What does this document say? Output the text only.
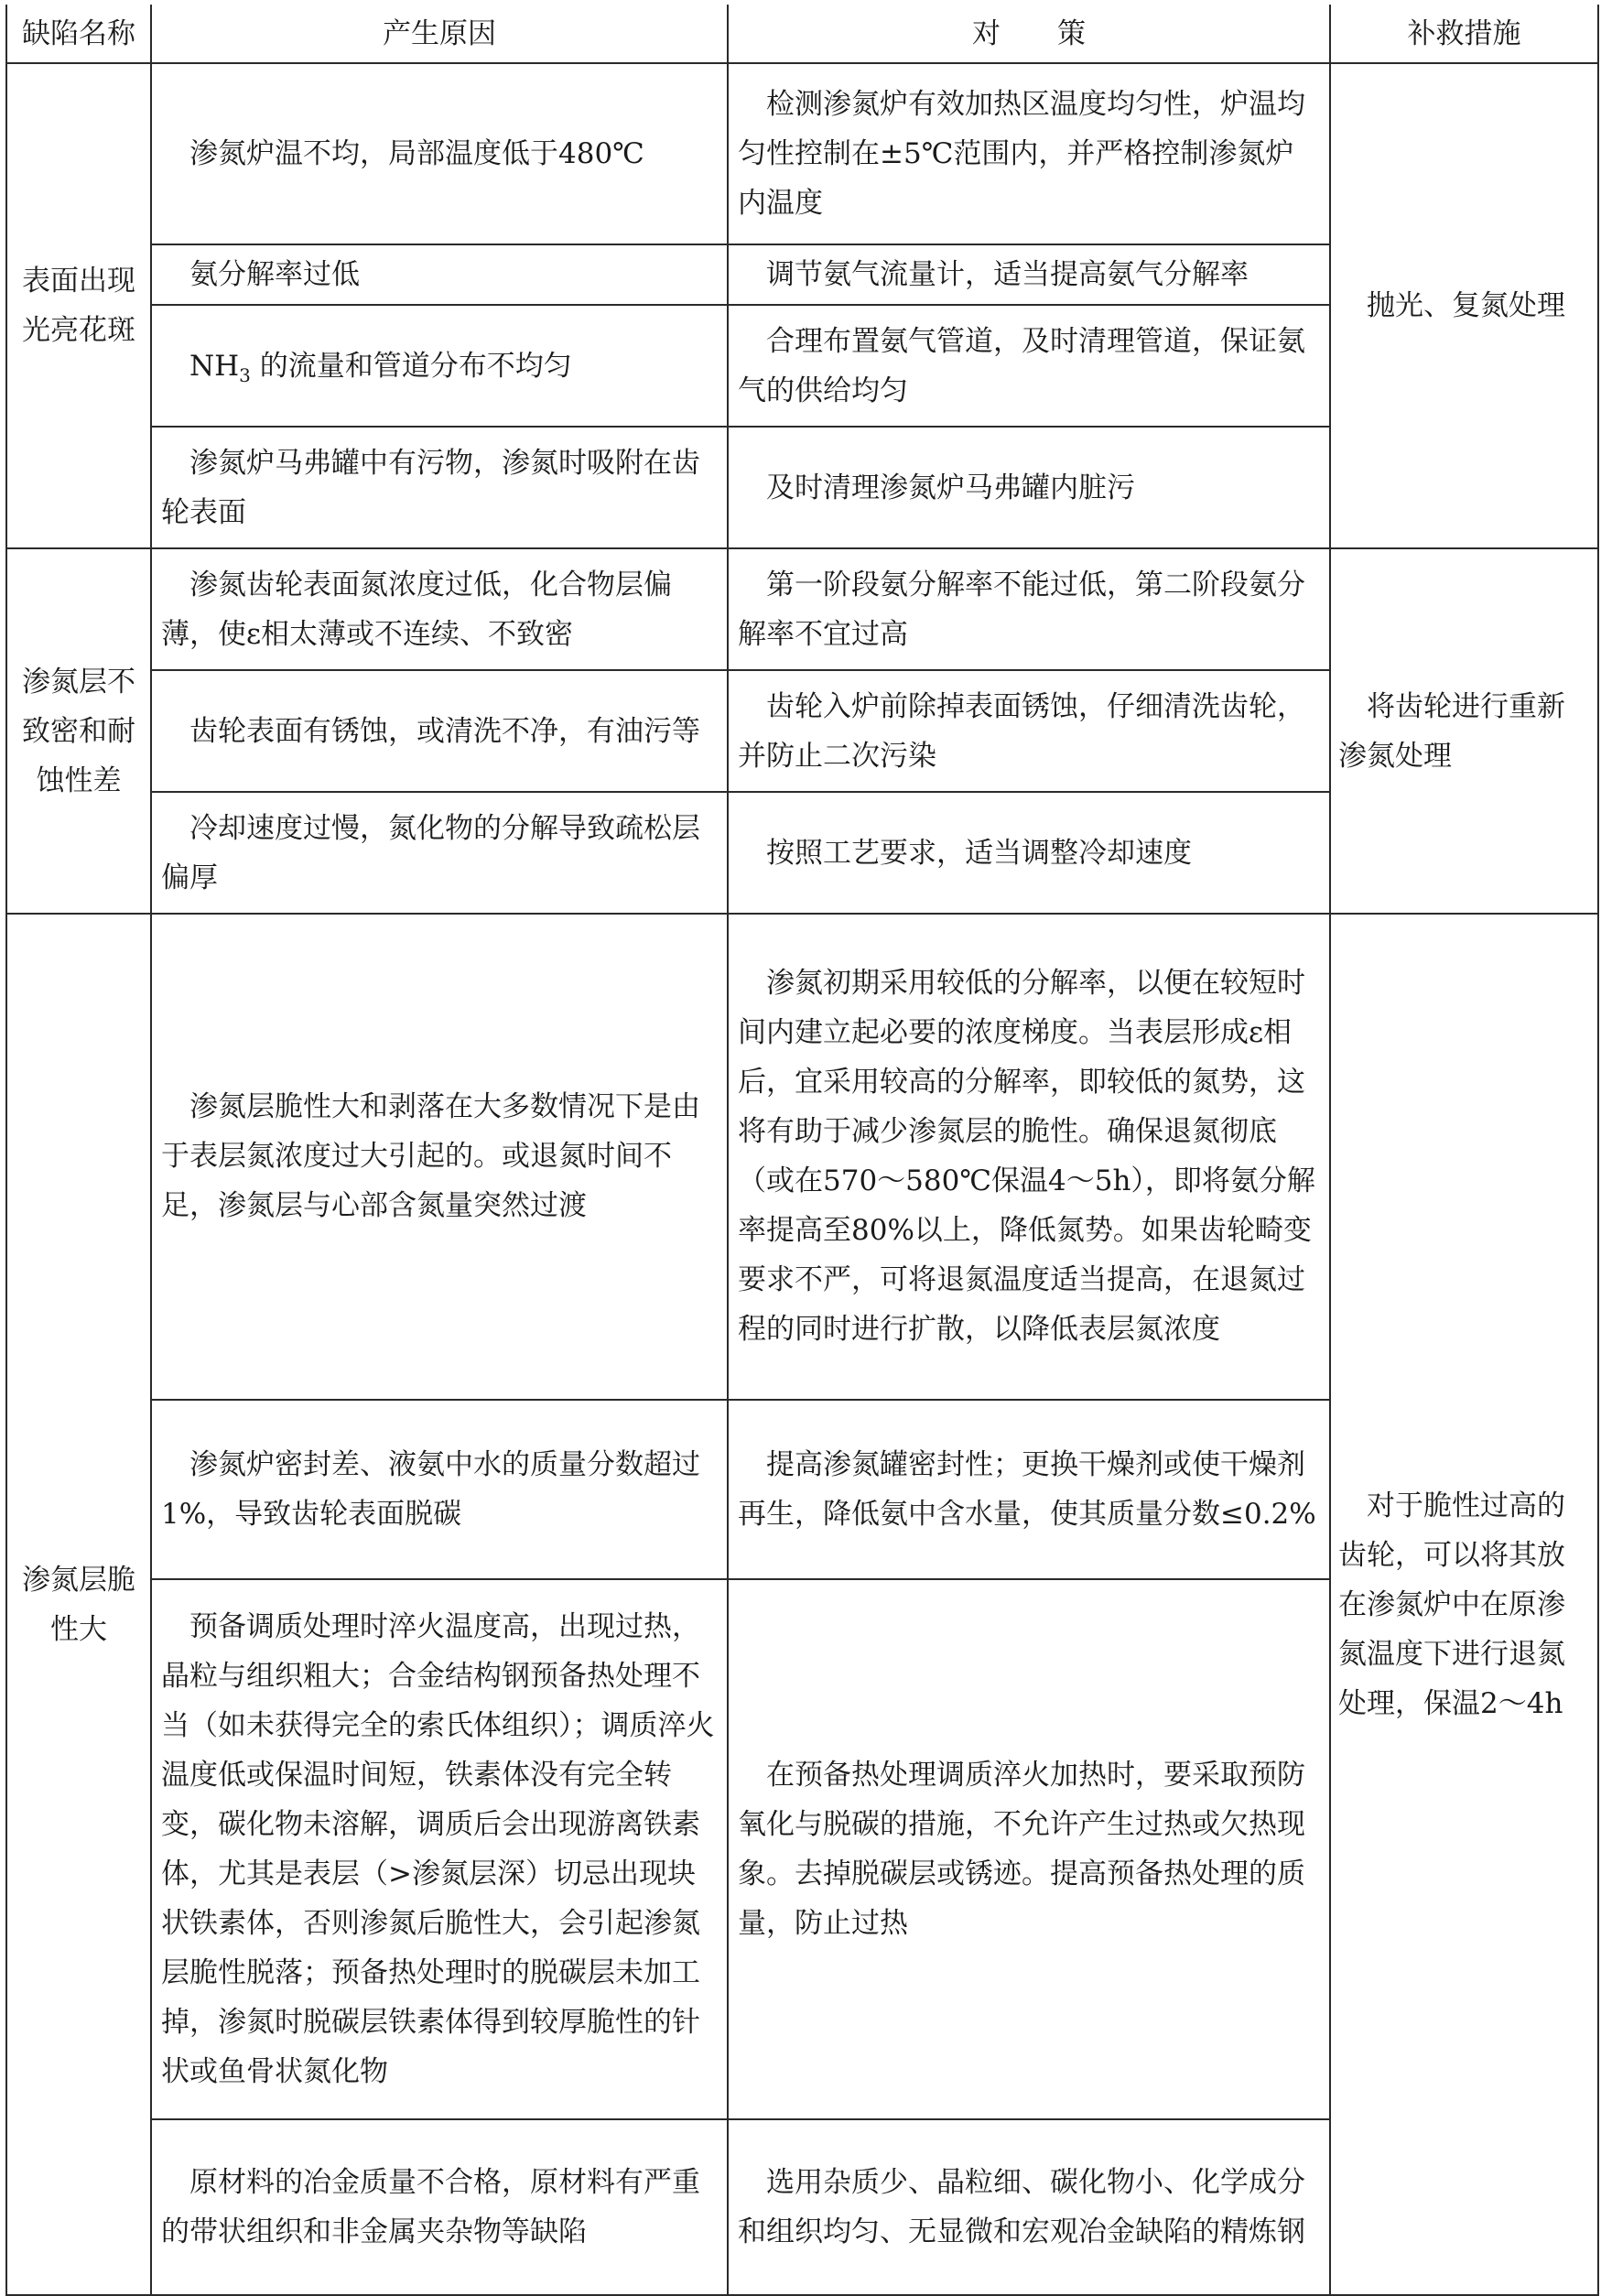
缺陷名称	产生原因	对　　策	补救措施
表面出现光亮花斑	渗氮炉温不均，局部温度低于480℃	检测渗氮炉有效加热区温度均匀性，炉温均匀性控制在±5℃范围内，并严格控制渗氮炉内温度	抛光、复氮处理

	氨分解率过低	调节氨气流量计，适当提高氨气分解率	

	$NH_3$ 的流量和管道分布不均匀	合理布置氨气管道，及时清理管道，保证氨气的供给均匀	

	渗氮炉马弗罐中有污物，渗氮时吸附在齿轮表面	及时清理渗氮炉马弗罐内脏污	

渗氮层不致密和耐蚀性差	渗氮齿轮表面氮浓度过低，化合物层偏薄，使ε相太薄或不连续、不致密	第一阶段氨分解率不能过低，第二阶段氨分解率不宜过高	将齿轮进行重新渗氮处理

	齿轮表面有锈蚀，或清洗不净，有油污等	齿轮入炉前除掉表面锈蚀，仔细清洗齿轮，并防止二次污染	

	冷却速度过慢，氮化物的分解导致疏松层偏厚	按照工艺要求，适当调整冷却速度	

渗氮层脆性大	渗氮层脆性大和剥落在大多数情况下是由于表层氮浓度过大引起的。或退氮时间不足，渗氮层与心部含氮量突然过渡	渗氮初期采用较低的分解率，以便在较短时间内建立起必要的浓度梯度。当表层形成ε相后，宜采用较高的分解率，即较低的氮势，这将有助于减少渗氮层的脆性。确保退氮彻底（或在570～580℃保温4～5h），即将氨分解率提高至80%以上，降低氮势。如果齿轮畸变要求不严，可将退氮温度适当提高，在退氮过程的同时进行扩散，以降低表层氮浓度	对于脆性过高的齿轮，可以将其放在渗氮炉中在原渗氮温度下进行退氮处理，保温2～4h

	渗氮炉密封差、液氨中水的质量分数超过1%，导致齿轮表面脱碳	提高渗氮罐密封性；更换干燥剂或使干燥剂再生，降低氨中含水量，使其质量分数≤0.2%	

	预备调质处理时淬火温度高，出现过热，晶粒与组织粗大；合金结构钢预备热处理不当（如未获得完全的索氏体组织）；调质淬火温度低或保温时间短，铁素体没有完全转变，碳化物未溶解，调质后会出现游离铁素体，尤其是表层（>渗氮层深）切忌出现块状铁素体，否则渗氮后脆性大，会引起渗氮层脆性脱落；预备热处理时的脱碳层未加工掉，渗氮时脱碳层铁素体得到较厚脆性的针状或鱼骨状氮化物	在预备热处理调质淬火加热时，要采取预防氧化与脱碳的措施，不允许产生过热或欠热现象。去掉脱碳层或锈迹。提高预备热处理的质量，防止过热	

	原材料的冶金质量不合格，原材料有严重的带状组织和非金属夹杂物等缺陷	选用杂质少、晶粒细、碳化物小、化学成分和组织均匀、无显微和宏观冶金缺陷的精炼钢	
